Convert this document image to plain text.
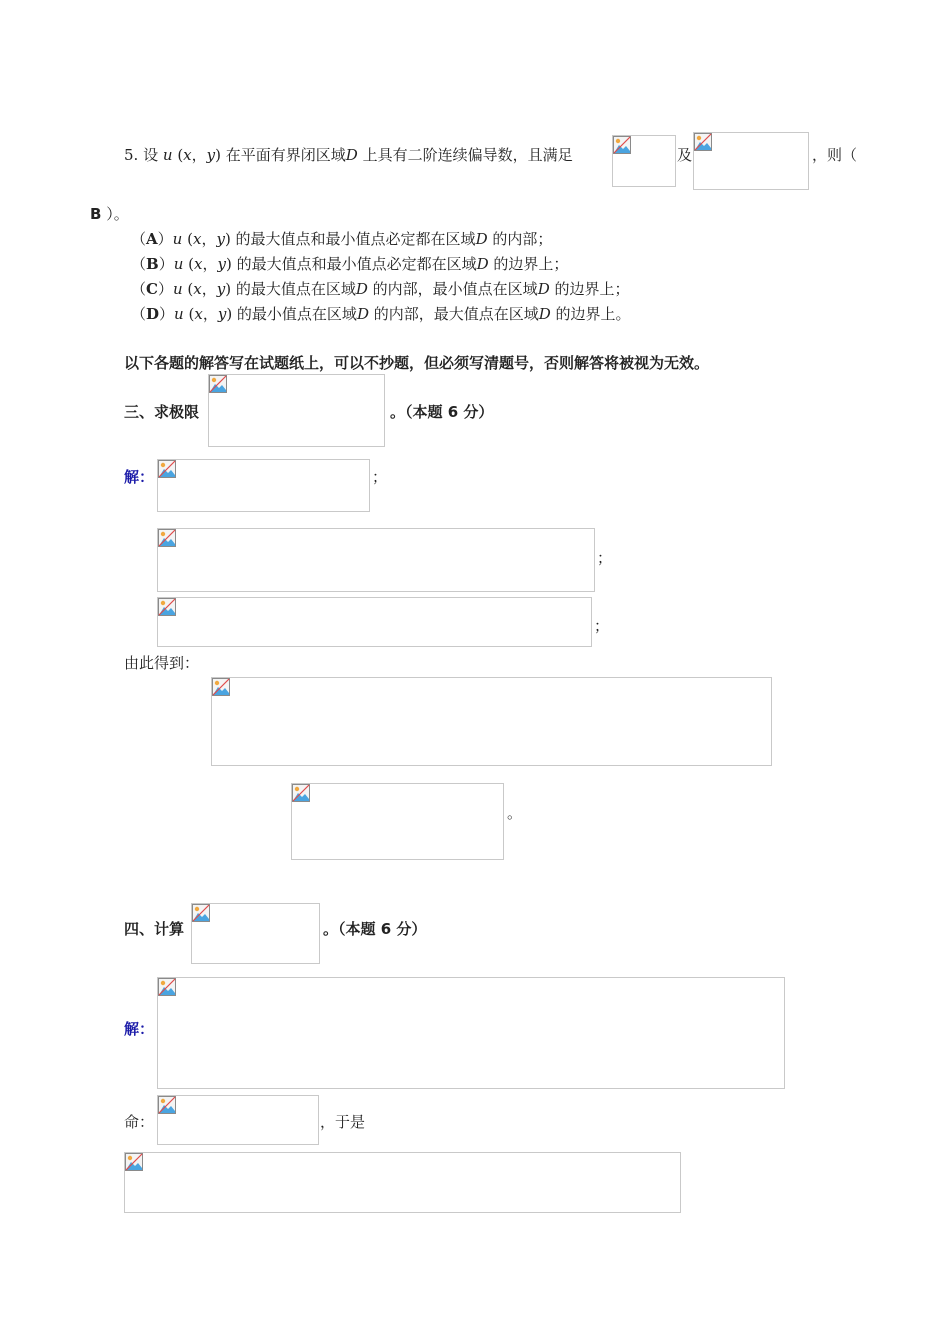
5. 设 u (x，y) 在平面有界闭区域D 上具有二阶连续偏导数，且满足	及	，则（
B ）。
（A）u (x，y) 的最大值点和最小值点必定都在区域D 的内部；
（B）u (x，y) 的最大值点和最小值点必定都在区域D 的边界上；
（C）u (x，y) 的最大值点在区域D 的内部，最小值点在区域D 的边界上；
（D）u (x，y) 的最小值点在区域D 的内部，最大值点在区域D 的边界上。
以下各题的解答写在试题纸上，可以不抄题，但必须写清题号，否则解答将被视为无效。
三、求极限	。（本题 6 分）
解：	；
；
；
由此得到：
。
四、计算	。（本题 6 分）
解：
命：	，于是
